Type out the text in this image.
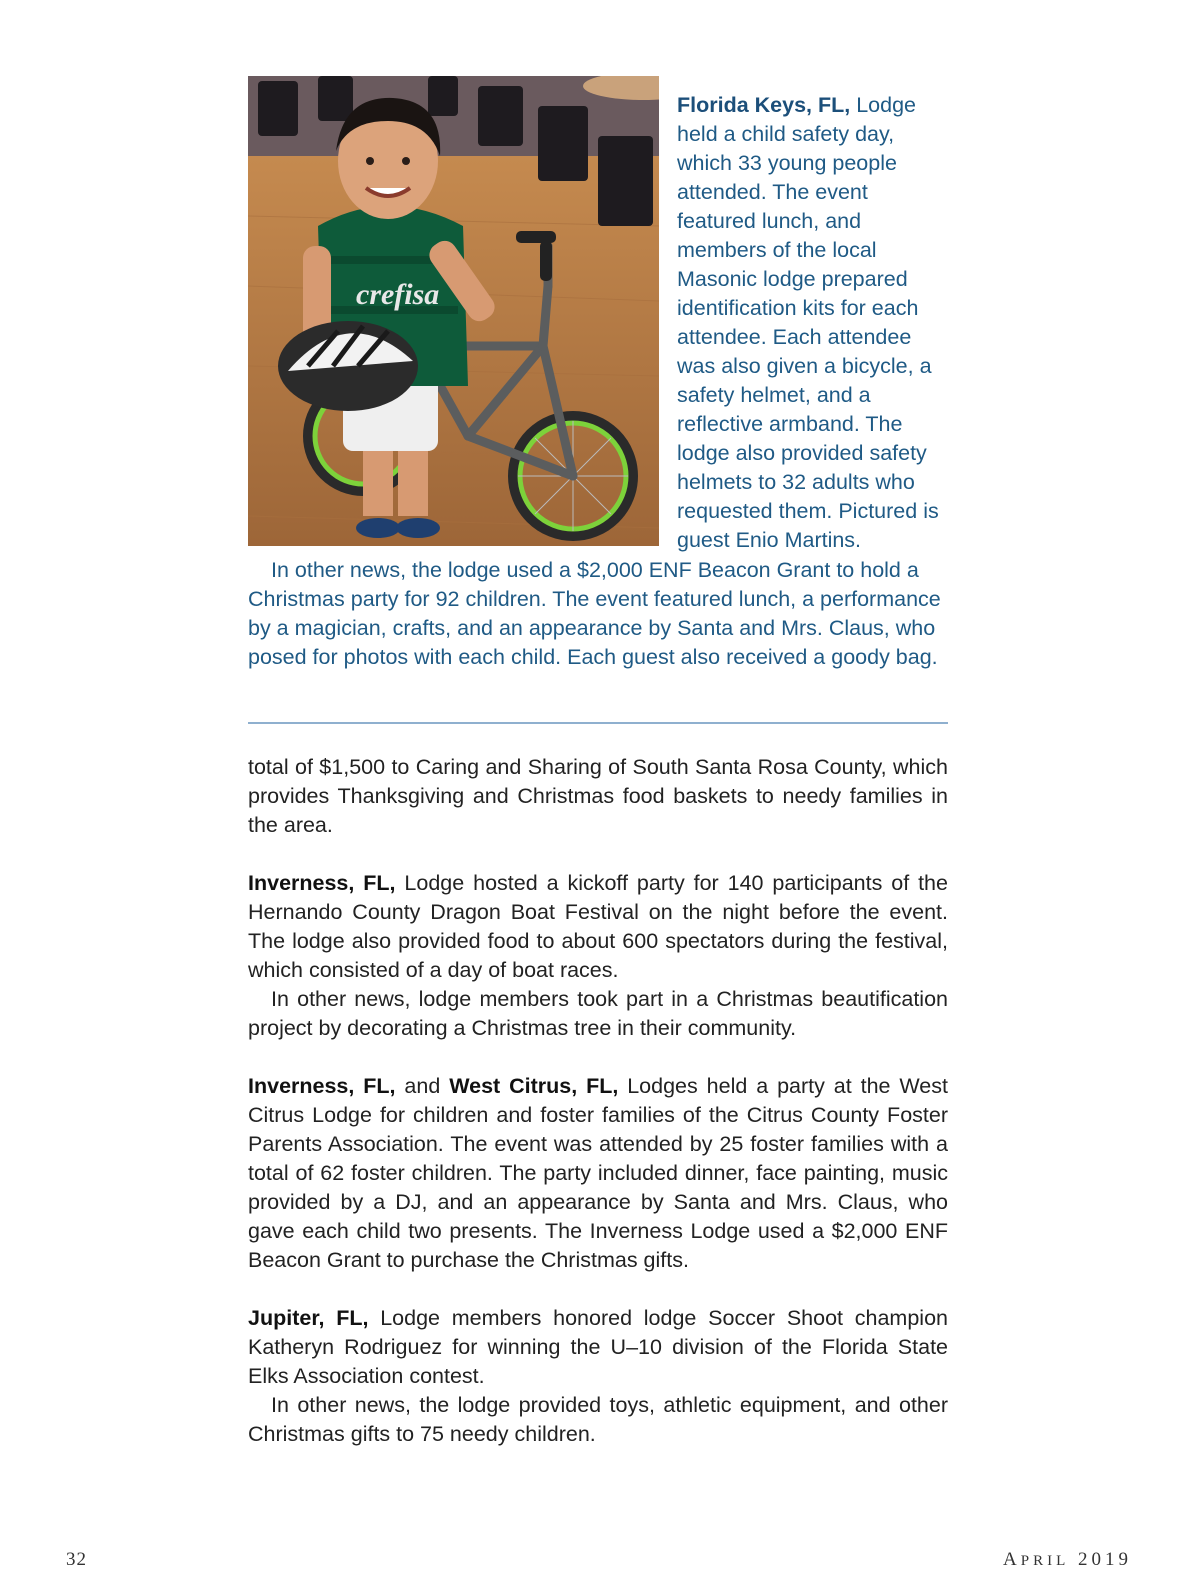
crefisa

Florida Keys, FL, Lodge held a child safety day, which 33 young people attended. The event featured lunch, and members of the local Masonic lodge prepared identification kits for each attendee. Each attendee was also given a bicycle, a safety helmet, and a reflective armband. The lodge also provided safety helmets to 32 adults who requested them. Pictured is guest Enio Martins.

In other news, the lodge used a $2,000 ENF Beacon Grant to hold a Christmas party for 92 children. The event featured lunch, a performance by a magician, crafts, and an appearance by Santa and Mrs. Claus, who posed for photos with each child. Each guest also received a goody bag.

total of $1,500 to Caring and Sharing of South Santa Rosa County, which provides Thanksgiving and Christmas food baskets to needy families in the area.

Inverness, FL, Lodge hosted a kickoff party for 140 participants of the Hernando County Dragon Boat Festival on the night before the event. The lodge also provided food to about 600 spectators during the festival, which consisted of a day of boat races.

In other news, lodge members took part in a Christmas beautification project by decorating a Christmas tree in their community.

Inverness, FL, and West Citrus, FL, Lodges held a party at the West Citrus Lodge for children and foster families of the Citrus County Foster Parents Association. The event was attended by 25 foster families with a total of 62 foster children. The party included dinner, face painting, music provided by a DJ, and an appearance by Santa and Mrs. Claus, who gave each child two presents. The Inverness Lodge used a $2,000 ENF Beacon Grant to purchase the Christmas gifts.

Jupiter, FL, Lodge members honored lodge Soccer Shoot champion Katheryn Rodriguez for winning the U–10 division of the Florida State Elks Association contest.

In other news, the lodge provided toys, athletic equipment, and other Christmas gifts to 75 needy children.

32	APRIL 2019
